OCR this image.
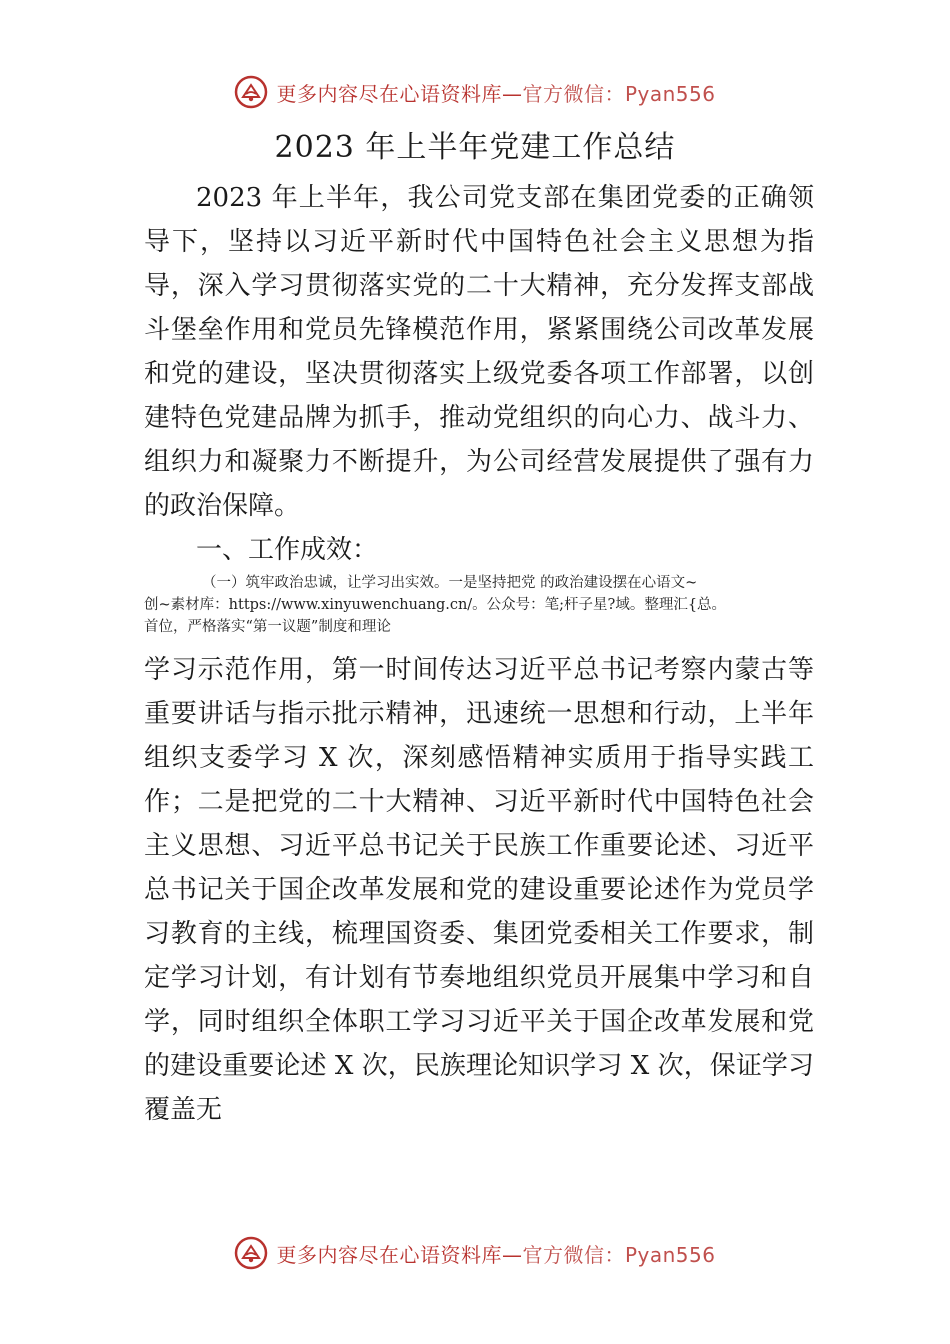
更多内容尽在心语资料库—官方微信：Pyan556
2023 年上半年党建工作总结
2023 年上半年，我公司党支部在集团党委的正确领导下，坚持以习近平新时代中国特色社会主义思想为指导，深入学习贯彻落实党的二十大精神，充分发挥支部战斗堡垒作用和党员先锋模范作用，紧紧围绕公司改革发展和党的建设，坚决贯彻落实上级党委各项工作部署，以创建特色党建品牌为抓手，推动党组织的向心力、战斗力、组织力和凝聚力不断提升，为公司经营发展提供了强有力的政治保障。
一、工作成效：
（一）筑牢政治忠诚，让学习出实效。一是坚持把党 的政治建设摆在心语文~
创~素材库：https://www.xinyuwenchuang.cn/。公众号：笔;杆子星?域。整理汇{总。
首位，严格落实“第一议题”制度和理论
学习示范作用，第一时间传达习近平总书记考察内蒙古等重要讲话与指示批示精神，迅速统一思想和行动，上半年组织支委学习 X 次，深刻感悟精神实质用于指导实践工作；二是把党的二十大精神、习近平新时代中国特色社会主义思想、习近平总书记关于民族工作重要论述、习近平总书记关于国企改革发展和党的建设重要论述作为党员学习教育的主线，梳理国资委、集团党委相关工作要求，制定学习计划，有计划有节奏地组织党员开展集中学习和自学，同时组织全体职工学习习近平关于国企改革发展和党的建设重要论述 X 次，民族理论知识学习 X 次，保证学习覆盖无
更多内容尽在心语资料库—官方微信：Pyan556
